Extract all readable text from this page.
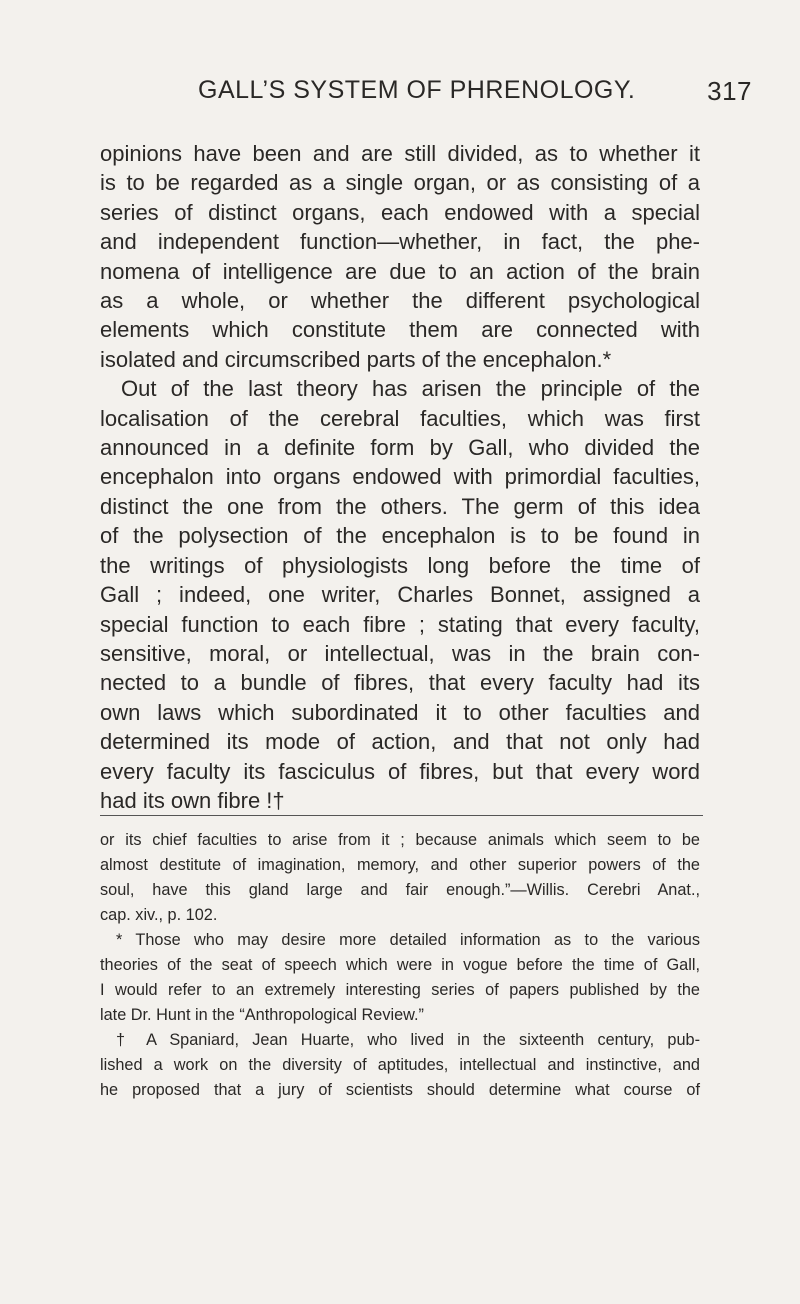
GALL’S SYSTEM OF PHRENOLOGY.	317
opinions have been and are still divided, as to whether it
is to be regarded as a single organ, or as consisting of a
series of distinct organs, each endowed with a special
and independent function—whether, in fact, the phe-
nomena of intelligence are due to an action of the brain
as a whole, or whether the different psychological
elements which constitute them are connected with
isolated and circumscribed parts of the encephalon.*
Out of the last theory has arisen the principle of the
localisation of the cerebral faculties, which was first
announced in a definite form by Gall, who divided the
encephalon into organs endowed with primordial faculties,
distinct the one from the others. The germ of this idea
of the polysection of the encephalon is to be found in
the writings of physiologists long before the time of
Gall ; indeed, one writer, Charles Bonnet, assigned a
special function to each fibre ; stating that every faculty,
sensitive, moral, or intellectual, was in the brain con-
nected to a bundle of fibres, that every faculty had its
own laws which subordinated it to other faculties and
determined its mode of action, and that not only had
every faculty its fasciculus of fibres, but that every word
had its own fibre !†
or its chief faculties to arise from it ; because animals which seem to be
almost destitute of imagination, memory, and other superior powers of the
soul, have this gland large and fair enough.”—Willis. Cerebri Anat.,
cap. xiv., p. 102.
* Those who may desire more detailed information as to the various
theories of the seat of speech which were in vogue before the time of Gall,
I would refer to an extremely interesting series of papers published by the
late Dr. Hunt in the “Anthropological Review.”
† A Spaniard, Jean Huarte, who lived in the sixteenth century, pub-
lished a work on the diversity of aptitudes, intellectual and instinctive, and
he proposed that a jury of scientists should determine what course of
